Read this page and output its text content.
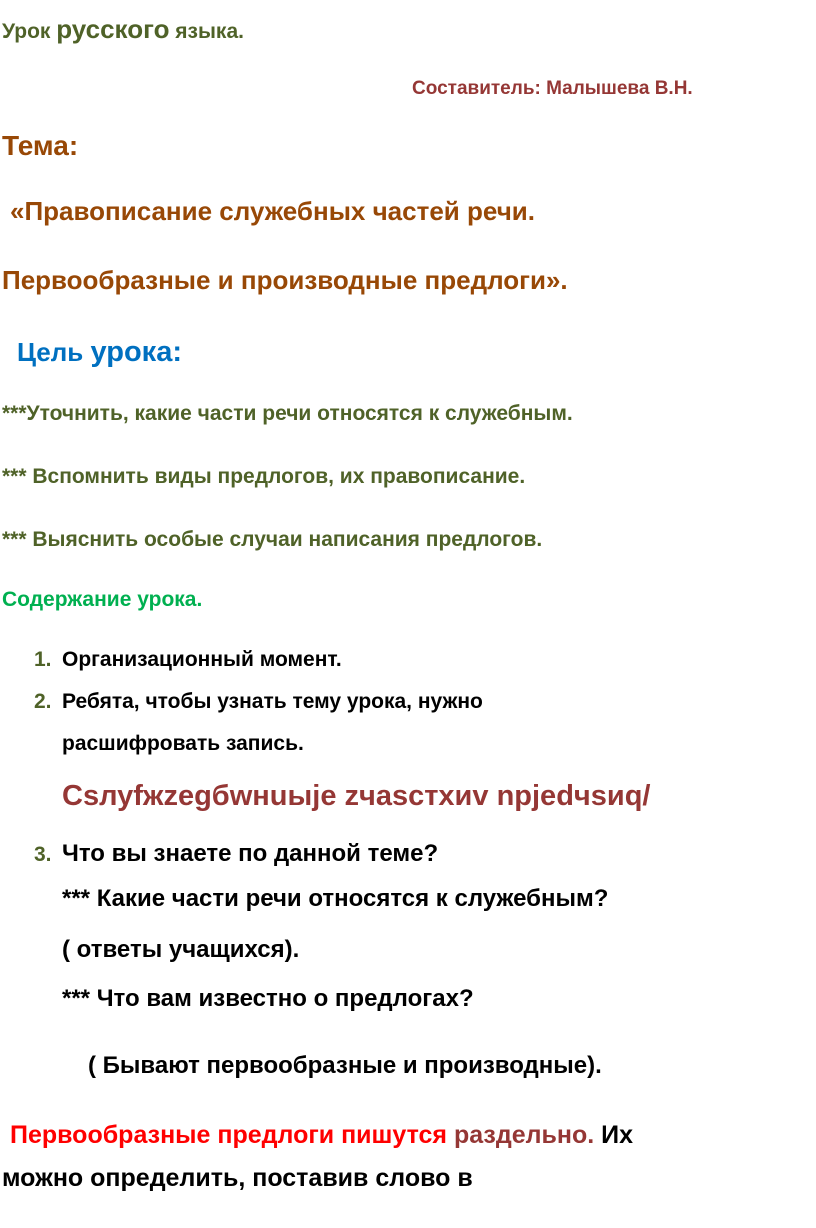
Урок русского языка.
Составитель: Малышева В.Н.
Тема:
«Правописание служебных частей речи.
Первообразные и производные предлоги».
Цель урока:
***Уточнить, какие части речи относятся к служебным.
*** Вспомнить виды предлогов, их правописание.
*** Выяснить особые случаи написания предлогов.
Содержание урока.
1. Организационный момент.
2. Ребята, чтобы узнать тему урока, нужно
расшифровать запись.
Csлуfжzegбwнuыje zчasстхиv npjedчsиq/
3. Что вы знаете по данной теме?
*** Какие части речи относятся к служебным?
( ответы учащихся).
*** Что вам известно о предлогах?
( Бывают первообразные и производные).
Первообразные предлоги пишутся раздельно. Их
можно определить, поставив слово в
